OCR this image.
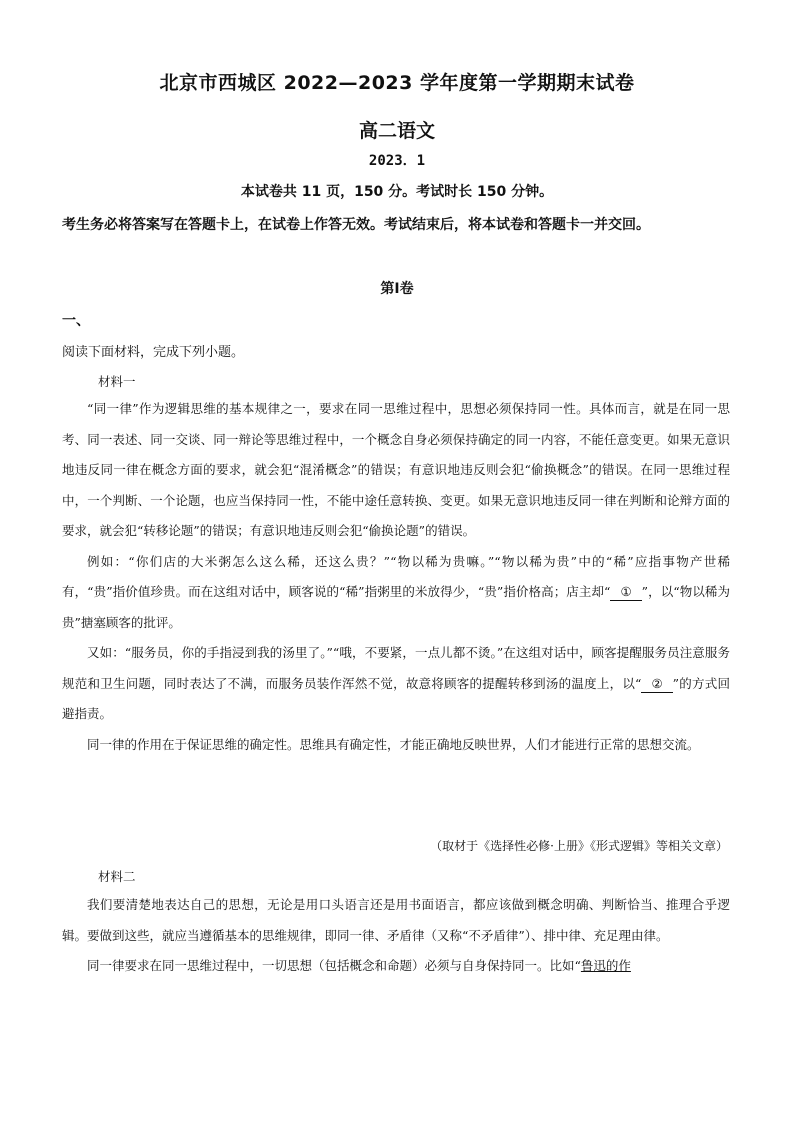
北京市西城区 2022—2023 学年度第一学期期末试卷
高二语文
2023．1
本试卷共 11 页，150 分。考试时长 150 分钟。
考生务必将答案写在答题卡上，在试卷上作答无效。考试结束后，将本试卷和答题卡一并交回。
第Ⅰ卷
一、
阅读下面材料，完成下列小题。
材料一

“同一律”作为逻辑思维的基本规律之一，要求在同一思维过程中，思想必须保持同一性。具体而言，就是在同一思考、同一表述、同一交谈、同一辩论等思维过程中，一个概念自身必须保持确定的同一内容，不能任意变更。如果无意识地违反同一律在概念方面的要求，就会犯“混淆概念”的错误；有意识地违反则会犯“偷换概念”的错误。在同一思维过程中，一个判断、一个论题，也应当保持同一性，不能中途任意转换、变更。如果无意识地违反同一律在判断和论辩方面的要求，就会犯“转移论题”的错误；有意识地违反则会犯“偷换论题”的错误。

例如：“你们店的大米粥怎么这么稀，还这么贵？”“物以稀为贵嘛。”“物以稀为贵”中的“稀”应指事物产世稀有，“贵”指价值珍贵。而在这组对话中，顾客说的“稀”指粥里的米放得少，“贵”指价格高；店主却“ ① ”，以“物以稀为贵”搪塞顾客的批评。

又如：“服务员，你的手指浸到我的汤里了。”“哦，不要紧，一点儿都不烫。”在这组对话中，顾客提醒服务员注意服务规范和卫生问题，同时表达了不满，而服务员装作浑然不觉，故意将顾客的提醒转移到汤的温度上，以“ ② ”的方式回避指责。

同一律的作用在于保证思维的确定性。思维具有确定性，才能正确地反映世界，人们才能进行正常的思想交流。

（取材于《选择性必修·上册》《形式逻辑》等相关文章）
材料二

我们要清楚地表达自己的思想，无论是用口头语言还是用书面语言，都应该做到概念明确、判断恰当、推理合乎逻辑。要做到这些，就应当遵循基本的思维规律，即同一律、矛盾律（又称“不矛盾律”）、排中律、充足理由律。

同一律要求在同一思维过程中，一切思想（包括概念和命题）必须与自身保持同一。比如“鲁迅的作
